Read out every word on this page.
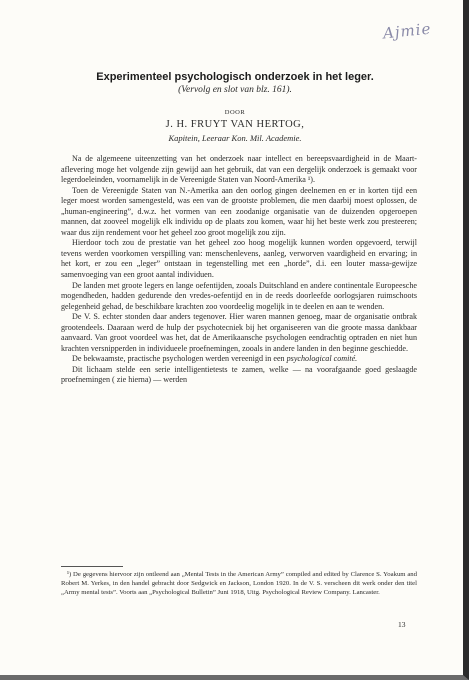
Ajmie
Experimenteel psychologisch onderzoek in het leger.
(Vervolg en slot van blz. 161).
DOOR
J. H. FRUYT VAN HERTOG,
Kapitein, Leeraar Kon. Mil. Academie.

Na de algemeene uiteenzetting van het onderzoek naar intellect en bereepsvaardigheid in de Maart-aflevering moge het volgende zijn gewijd aan het gebruik, dat van een dergelijk onderzoek is gemaakt voor legerdoeleinden, voornamelijk in de Vereenigde Staten van Noord-Amerika ¹).

Toen de Vereenigde Staten van N.-Amerika aan den oorlog gingen deelnemen en er in korten tijd een leger moest worden samengesteld, was een van de grootste problemen, die men daarbij moest oplossen, de „human-engineering”, d.w.z. het vormen van een zoodanige organisatie van de duizenden opgeroepen mannen, dat zooveel mogelijk elk individu op de plaats zou komen, waar hij het beste werk zou presteeren; waar dus zijn rendement voor het geheel zoo groot mogelijk zou zijn.

Hierdoor toch zou de prestatie van het geheel zoo hoog mogelijk kunnen worden opgevoerd, terwijl tevens werden voorkomen verspilling van: menschenlevens, aanleg, verworven vaardigheid en ervaring; in het kort, er zou een „leger” ontstaan in tegenstelling met een „horde”, d.i. een louter massa-gewijze samenvoeging van een groot aantal individuen.

De landen met groote legers en lange oefentijden, zooals Duitschland en andere continentale Europeesche mogendheden, hadden gedurende den vredes-oefentijd en in de reeds doorleefde oorlogsjaren ruimschoots gelegenheid gehad, de beschikbare krachten zoo voordeelig mogelijk in te deelen en aan te wenden.

De V. S. echter stonden daar anders tegenover. Hier waren mannen genoeg, maar de organisatie ontbrak grootendeels. Daaraan werd de hulp der psychotecniek bij het organiseeren van die groote massa dankbaar aanvaard. Van groot voordeel was het, dat de Amerikaansche psychologen eendrachtig optraden en niet hun krachten versnipperden in individueele proefnemingen, zooals in andere landen in den beginne geschiedde.

De bekwaamste, practische psychologen werden vereenigd in een psychological comité.

Dit lichaam stelde een serie intelligentietests te zamen, welke — na voorafgaande goed geslaagde proefnemingen ( zie hierna) — werden

¹) De gegevens hiervoor zijn ontleend aan „Mental Tests in the American Army” compiled and edited by Clarence S. Yoakum and Robert M. Yerkes, in den handel gebracht door Sedgwick en Jackson, London 1920. In de V. S. verscheen dit werk onder den titel „Army mental tests”. Voorts aan „Psychological Bulletin” Juni 1918, Uitg. Psychological Review Company. Lancaster.

13
